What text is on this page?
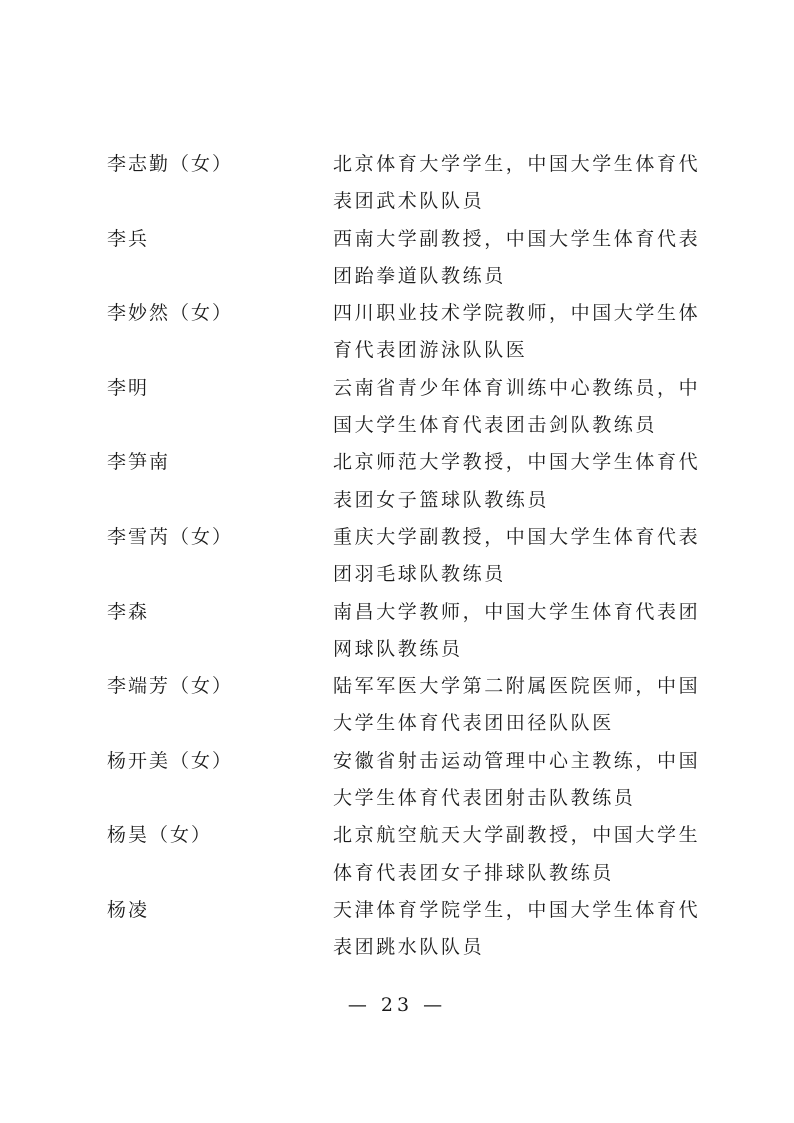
李志勤（女）	北京体育大学学生，中国大学生体育代
表团武术队队员
李兵	西南大学副教授，中国大学生体育代表
团跆拳道队教练员
李妙然（女）	四川职业技术学院教师，中国大学生体
育代表团游泳队队医
李明	云南省青少年体育训练中心教练员，中
国大学生体育代表团击剑队教练员
李笋南	北京师范大学教授，中国大学生体育代
表团女子篮球队教练员
李雪芮（女）	重庆大学副教授，中国大学生体育代表
团羽毛球队教练员
李森	南昌大学教师，中国大学生体育代表团
网球队教练员
李端芳（女）	陆军军医大学第二附属医院医师，中国
大学生体育代表团田径队队医
杨开美（女）	安徽省射击运动管理中心主教练，中国
大学生体育代表团射击队教练员
杨昊（女）	北京航空航天大学副教授，中国大学生
体育代表团女子排球队教练员
杨凌	天津体育学院学生，中国大学生体育代
表团跳水队队员
— 23 —
